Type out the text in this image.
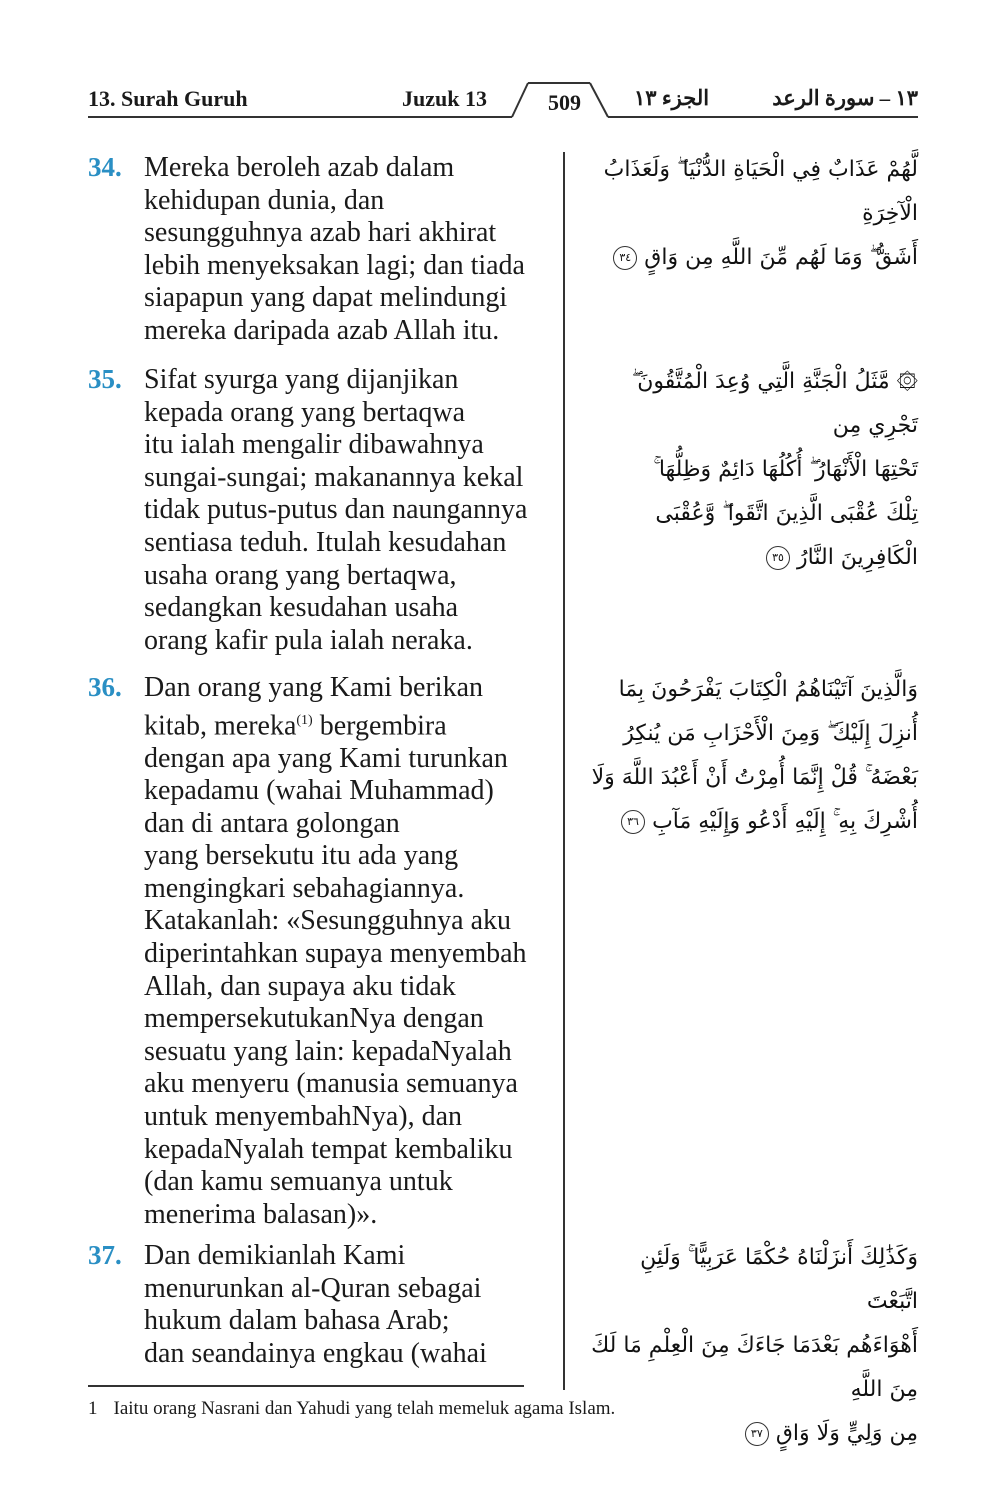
13. Surah Guruh	Juzuk 13	509	الجزء ١٣	١٣ – سورة الرعد
34. Mereka beroleh azab dalam
kehidupan dunia, dan
sesungguhnya azab hari akhirat
lebih menyeksakan lagi; dan tiada
siapapun yang dapat melindungi
mereka daripada azab Allah itu.
لَّهُمْ عَذَابٌ فِي الْحَيَاةِ الدُّنْيَا ۖ وَلَعَذَابُ الْآخِرَةِ
أَشَقُّ ۖ وَمَا لَهُم مِّنَ اللَّهِ مِن وَاقٍ ٣٤
35. Sifat syurga yang dijanjikan
kepada orang yang bertaqwa
itu ialah mengalir dibawahnya
sungai-sungai; makanannya kekal
tidak putus-putus dan naungannya
sentiasa teduh. Itulah kesudahan
usaha orang yang bertaqwa,
sedangkan kesudahan usaha
orang kafir pula ialah neraka.
۞ مَّثَلُ الْجَنَّةِ الَّتِي وُعِدَ الْمُتَّقُونَ ۖ تَجْرِي مِن
تَحْتِهَا الْأَنْهَارُ ۖ أُكُلُهَا دَائِمٌ وَظِلُّهَا ۚ
تِلْكَ عُقْبَى الَّذِينَ اتَّقَوا ۖ وَّعُقْبَى
الْكَافِرِينَ النَّارُ ٣٥
36. Dan orang yang Kami berikan
kitab, mereka$^{(1)}$ bergembira
dengan apa yang Kami turunkan
kepadamu (wahai Muhammad)
dan di antara golongan
yang bersekutu itu ada yang
mengingkari sebahagiannya.
Katakanlah: «Sesungguhnya aku
diperintahkan supaya menyembah
Allah, dan supaya aku tidak
mempersekutukanNya dengan
sesuatu yang lain: kepadaNyalah
aku menyeru (manusia semuanya
untuk menyembahNya), dan
kepadaNyalah tempat kembaliku
(dan kamu semuanya untuk
menerima balasan)».
وَالَّذِينَ آتَيْنَاهُمُ الْكِتَابَ يَفْرَحُونَ بِمَا
أُنزِلَ إِلَيْكَ ۖ وَمِنَ الْأَحْزَابِ مَن يُنكِرُ
بَعْضَهُ ۚ قُلْ إِنَّمَا أُمِرْتُ أَنْ أَعْبُدَ اللَّهَ وَلَا
أُشْرِكَ بِهِ ۚ إِلَيْهِ أَدْعُو وَإِلَيْهِ مَآبِ ٣٦
37. Dan demikianlah Kami
menurunkan al-Quran sebagai
hukum dalam bahasa Arab;
dan seandainya engkau (wahai
وَكَذَٰلِكَ أَنزَلْنَاهُ حُكْمًا عَرَبِيًّا ۚ وَلَئِنِ اتَّبَعْتَ
أَهْوَاءَهُم بَعْدَمَا جَاءَكَ مِنَ الْعِلْمِ مَا لَكَ مِنَ اللَّهِ
مِن وَلِيٍّ وَلَا وَاقٍ ٣٧
1 Iaitu orang Nasrani dan Yahudi yang telah memeluk agama Islam.
